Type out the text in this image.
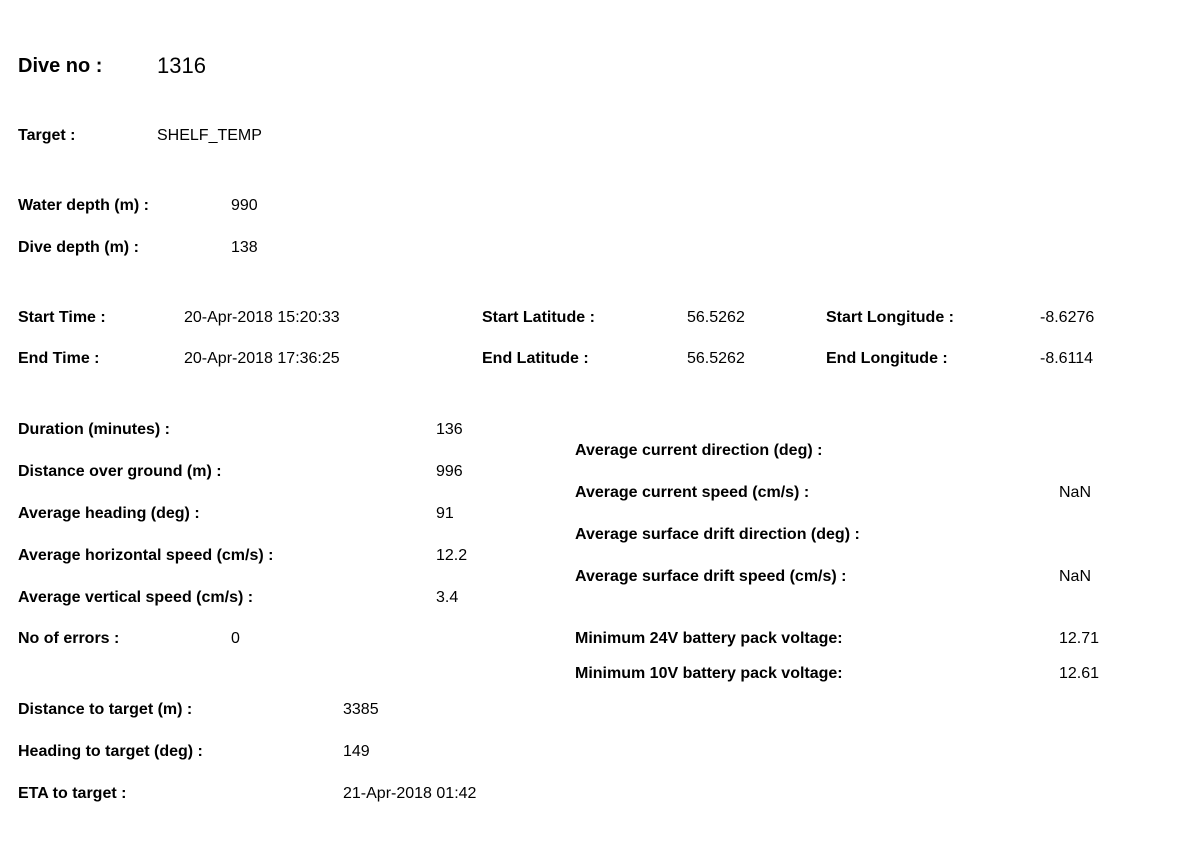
Dive no : 1316
Target :	SHELF_TEMP
Water depth (m) :	990
Dive depth (m) :	138
Start Time :	20-Apr-2018 15:20:33	Start Latitude :	56.5262	Start Longitude :	-8.6276
End Time :	20-Apr-2018 17:36:25	End Latitude :	56.5262	End Longitude :	-8.6114
Duration (minutes) :	136
Distance over ground (m) :	996
Average heading (deg) :	91
Average horizontal speed (cm/s) :	12.2
Average vertical speed (cm/s) :	3.4
No of errors :	0
Average current direction (deg) :
Average current speed (cm/s) :	NaN
Average surface drift direction (deg) :
Average surface drift speed (cm/s) :	NaN
Minimum 24V battery pack voltage:	12.71
Minimum 10V battery pack voltage:	12.61
Distance to target (m) :	3385
Heading to target (deg) :	149
ETA to target :	21-Apr-2018 01:42
